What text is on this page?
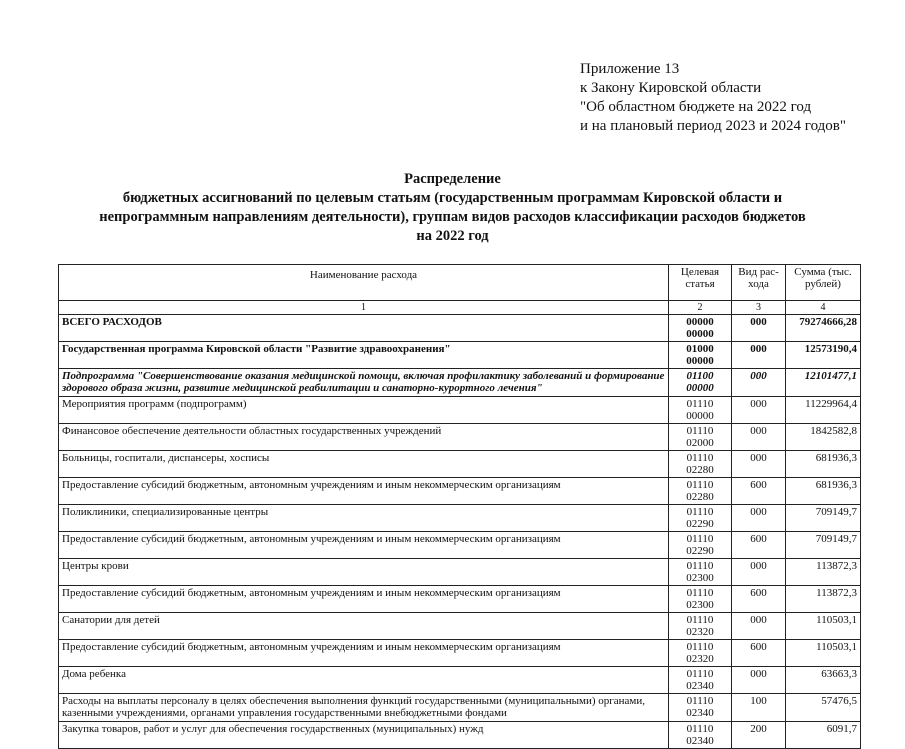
Приложение 13
к Закону Кировской области
"Об областном бюджете на 2022 год
и на плановый период 2023 и 2024 годов"
Распределение
бюджетных ассигнований по целевым статьям (государственным программам Кировской области и
непрограммным направлениям деятельности), группам видов расходов классификации расходов бюджетов
на 2022 год
Наименование расхода	Целевая статья	Вид рас-хода	Сумма (тыс. рублей)
1	2	3	4
ВСЕГО РАСХОДОВ	00000 00000	000	79274666,28
Государственная программа Кировской области "Развитие здравоохранения"	01000 00000	000	12573190,4
Подпрограмма "Совершенствование оказания медицинской помощи, включая профилактику заболеваний и формирование здорового образа жизни, развитие медицинской реабилитации и санаторно-курортного лечения"	01100 00000	000	12101477,1
Мероприятия программ (подпрограмм)	01110 00000	000	11229964,4
Финансовое обеспечение деятельности областных государственных учреждений	01110 02000	000	1842582,8
Больницы, госпитали, диспансеры, хосписы	01110 02280	000	681936,3
Предоставление субсидий бюджетным, автономным учреждениям и иным некоммерческим организациям	01110 02280	600	681936,3
Поликлиники, специализированные центры	01110 02290	000	709149,7
Предоставление субсидий бюджетным, автономным учреждениям и иным некоммерческим организациям	01110 02290	600	709149,7
Центры крови	01110 02300	000	113872,3
Предоставление субсидий бюджетным, автономным учреждениям и иным некоммерческим организациям	01110 02300	600	113872,3
Санатории для детей	01110 02320	000	110503,1
Предоставление субсидий бюджетным, автономным учреждениям и иным некоммерческим организациям	01110 02320	600	110503,1
Дома ребенка	01110 02340	000	63663,3
Расходы на выплаты персоналу в целях обеспечения выполнения функций государственными (муниципальными) органами, казенными учреждениями, органами управления государственными внебюджетными фондами	01110 02340	100	57476,5
Закупка товаров, работ и услуг для обеспечения государственных (муниципальных) нужд	01110 02340	200	6091,7
